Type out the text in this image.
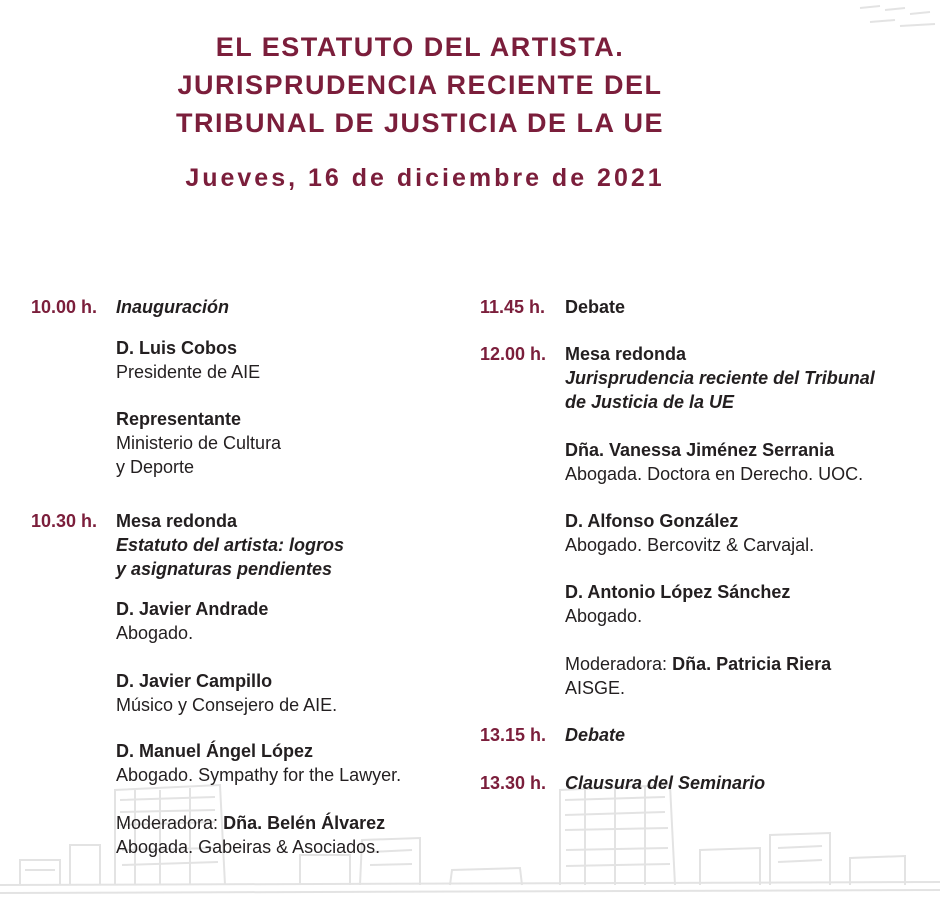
EL ESTATUTO DEL ARTISTA.
JURISPRUDENCIA RECIENTE DEL
TRIBUNAL DE JUSTICIA DE LA UE
Jueves, 16 de diciembre de 2021
10.00 h. Inauguración
D. Luis Cobos
Presidente de AIE
Representante
Ministerio de Cultura
y Deporte
10.30 h. Mesa redonda
Estatuto del artista: logros
y asignaturas pendientes
D. Javier Andrade
Abogado.
D. Javier Campillo
Músico y Consejero de AIE.
D. Manuel Ángel López
Abogado. Sympathy for the Lawyer.
Moderadora: Dña. Belén Álvarez
Abogada. Gabeiras & Asociados.
11.45 h. Debate
12.00 h. Mesa redonda
Jurisprudencia reciente del Tribunal
de Justicia de la UE
Dña. Vanessa Jiménez Serrania
Abogada. Doctora en Derecho. UOC.
D. Alfonso González
Abogado. Bercovitz & Carvajal.
D. Antonio López Sánchez
Abogado.
Moderadora: Dña. Patricia Riera
AISGE.
13.15 h. Debate
13.30 h. Clausura del Seminario
